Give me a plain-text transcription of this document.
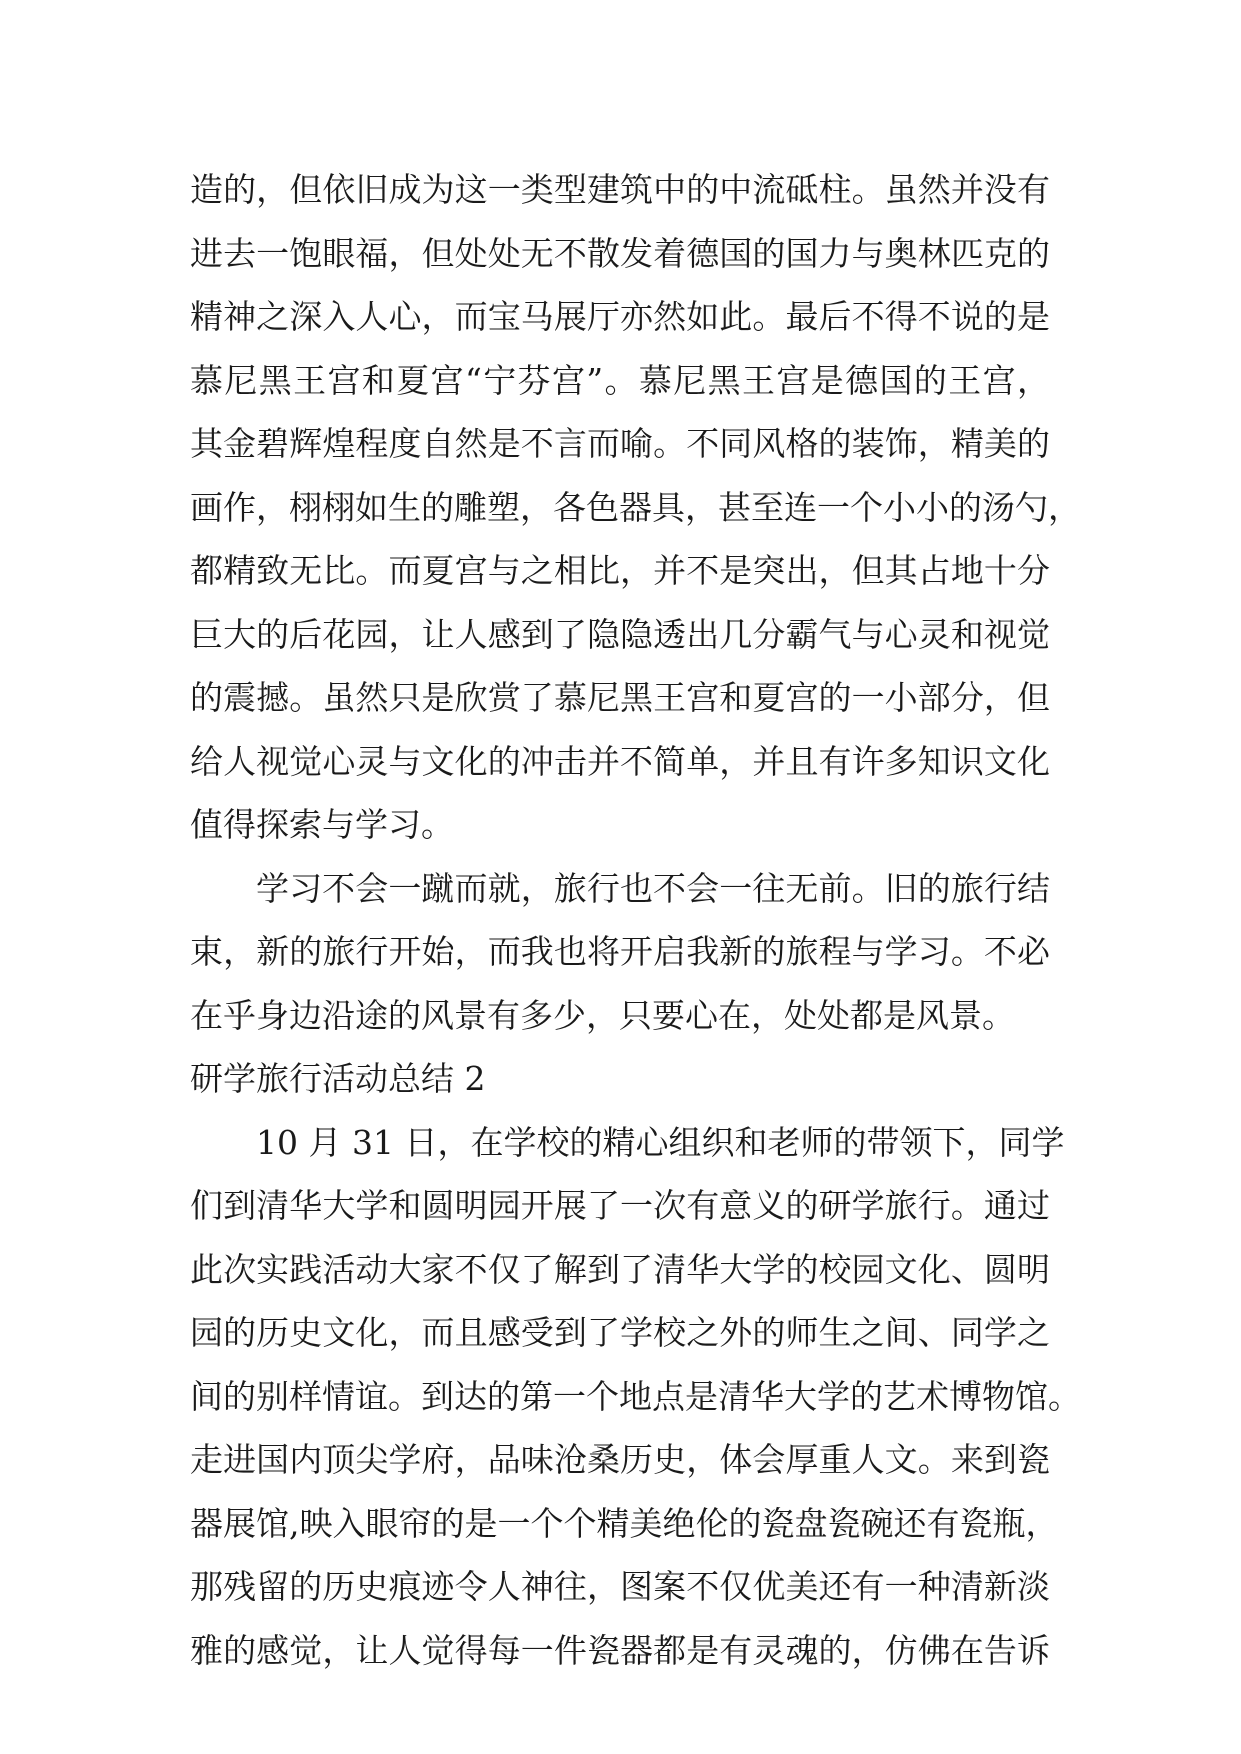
造的，但依旧成为这一类型建筑中的中流砥柱。虽然并没有
进去一饱眼福，但处处无不散发着德国的国力与奥林匹克的
精神之深入人心，而宝马展厅亦然如此。最后不得不说的是
慕尼黑王宫和夏宫“宁芬宫”。慕尼黑王宫是德国的王宫，
其金碧辉煌程度自然是不言而喻。不同风格的装饰，精美的
画作，栩栩如生的雕塑，各色器具，甚至连一个小小的汤勺，
都精致无比。而夏宫与之相比，并不是突出，但其占地十分
巨大的后花园，让人感到了隐隐透出几分霸气与心灵和视觉
的震撼。虽然只是欣赏了慕尼黑王宫和夏宫的一小部分，但
给人视觉心灵与文化的冲击并不简单，并且有许多知识文化
值得探索与学习。
学习不会一蹴而就，旅行也不会一往无前。旧的旅行结
束，新的旅行开始，而我也将开启我新的旅程与学习。不必
在乎身边沿途的风景有多少，只要心在，处处都是风景。
研学旅行活动总结 2
10 月 31 日，在学校的精心组织和老师的带领下，同学
们到清华大学和圆明园开展了一次有意义的研学旅行。通过
此次实践活动大家不仅了解到了清华大学的校园文化、圆明
园的历史文化，而且感受到了学校之外的师生之间、同学之
间的别样情谊。到达的第一个地点是清华大学的艺术博物馆。
走进国内顶尖学府，品味沧桑历史，体会厚重人文。来到瓷
器展馆,映入眼帘的是一个个精美绝伦的瓷盘瓷碗还有瓷瓶，
那残留的历史痕迹令人神往，图案不仅优美还有一种清新淡
雅的感觉，让人觉得每一件瓷器都是有灵魂的，仿佛在告诉
